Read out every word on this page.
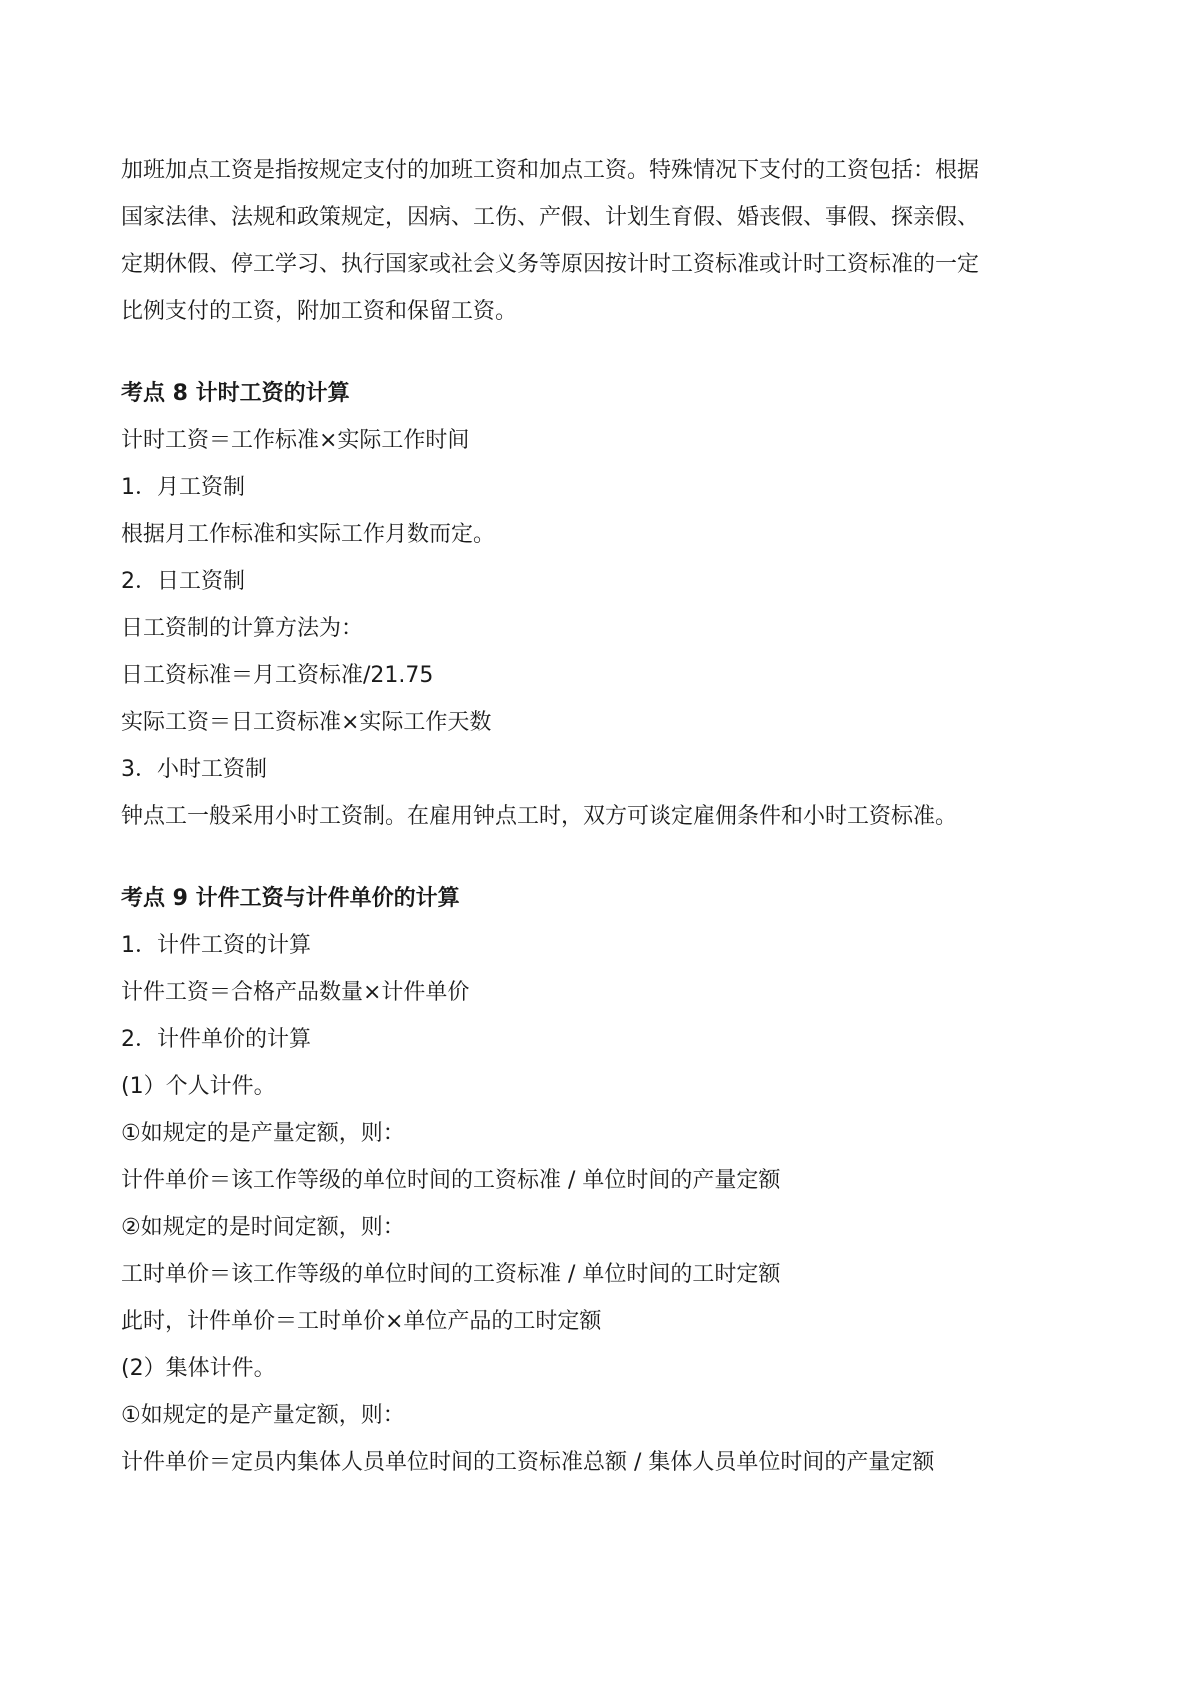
加班加点工资是指按规定支付的加班工资和加点工资。特殊情况下支付的工资包括：根据

国家法律、法规和政策规定，因病、工伤、产假、计划生育假、婚丧假、事假、探亲假、

定期休假、停工学习、执行国家或社会义务等原因按计时工资标准或计时工资标准的一定

比例支付的工资，附加工资和保留工资。

考点 8 计时工资的计算

计时工资＝工作标准×实际工作时间

1．月工资制

根据月工作标准和实际工作月数而定。

2．日工资制

日工资制的计算方法为：

日工资标准＝月工资标准/21.75

实际工资＝日工资标准×实际工作天数

3．小时工资制

钟点工一般采用小时工资制。在雇用钟点工时，双方可谈定雇佣条件和小时工资标准。

考点 9 计件工资与计件单价的计算

1．计件工资的计算

计件工资＝合格产品数量×计件单价

2．计件单价的计算

(1）个人计件。

①如规定的是产量定额，则：

计件单价＝该工作等级的单位时间的工资标准 / 单位时间的产量定额

②如规定的是时间定额，则：

工时单价＝该工作等级的单位时间的工资标准 / 单位时间的工时定额

此时，计件单价＝工时单价×单位产品的工时定额

(2）集体计件。

①如规定的是产量定额，则：

计件单价＝定员内集体人员单位时间的工资标准总额 / 集体人员单位时间的产量定额
